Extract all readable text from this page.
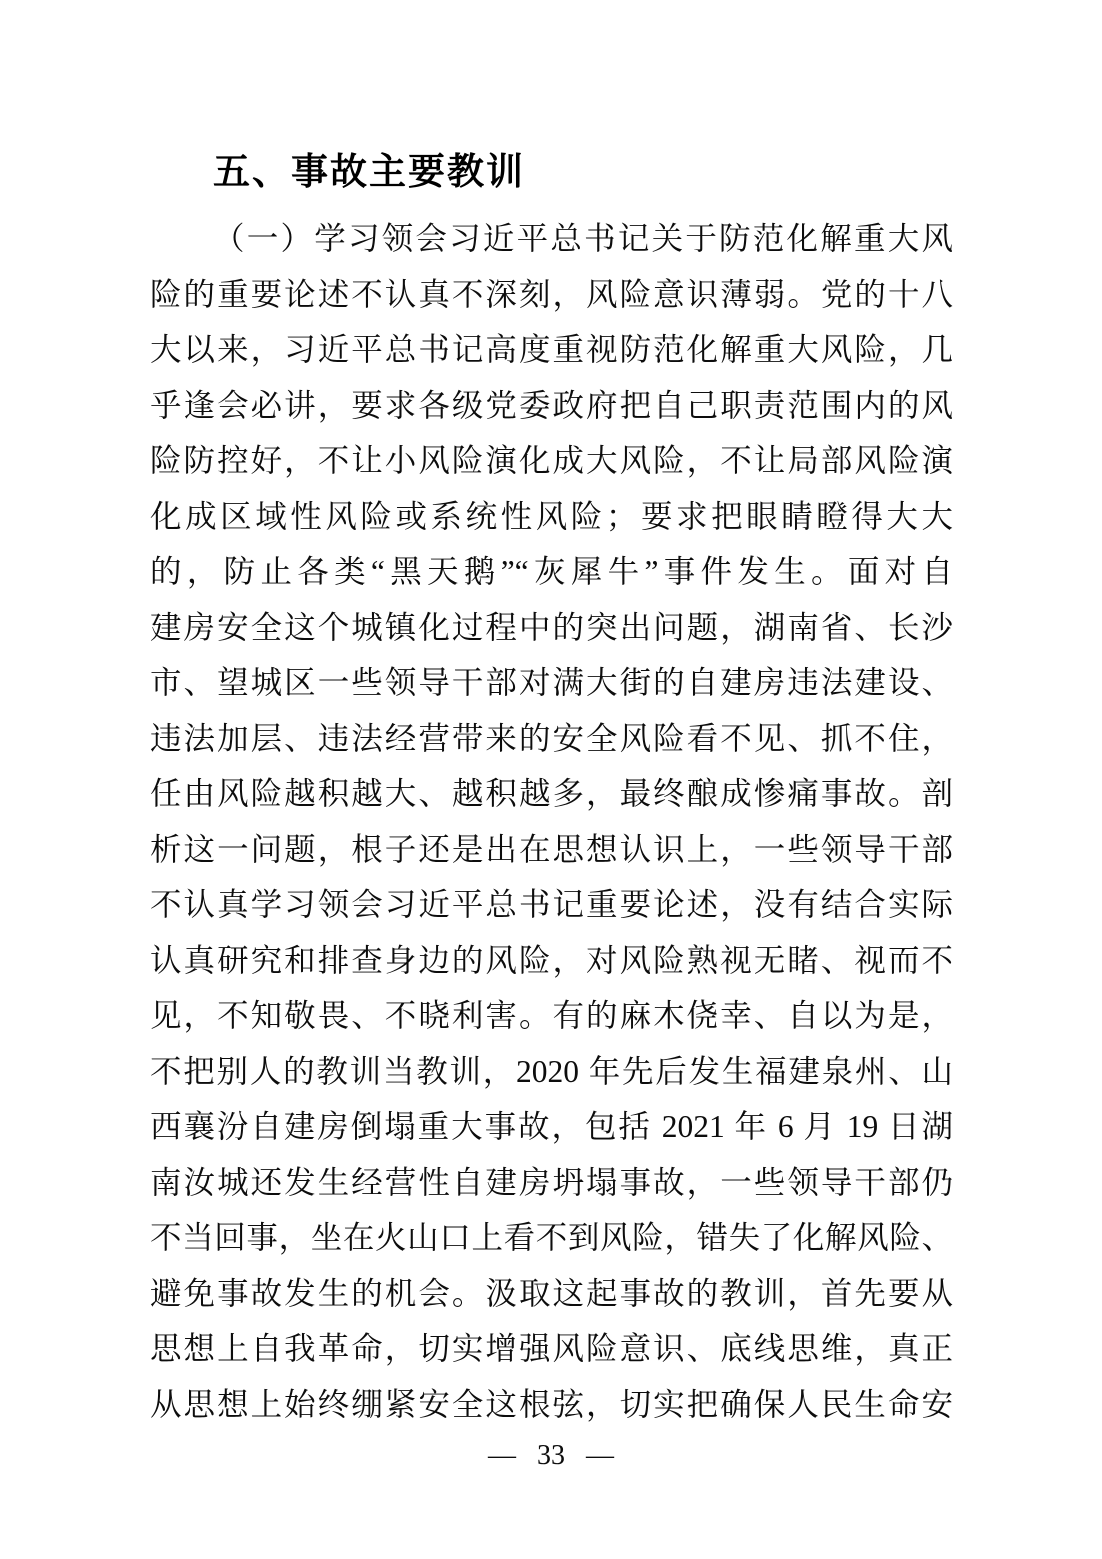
五、事故主要教训
（一）学习领会习近平总书记关于防范化解重大风
险的重要论述不认真不深刻，风险意识薄弱。党的十八
大以来，习近平总书记高度重视防范化解重大风险，几
乎逢会必讲，要求各级党委政府把自己职责范围内的风
险防控好，不让小风险演化成大风险，不让局部风险演
化成区域性风险或系统性风险；要求把眼睛瞪得大大
的，防止各类“黑天鹅”“灰犀牛”事件发生。面对自
建房安全这个城镇化过程中的突出问题，湖南省、长沙
市、望城区一些领导干部对满大街的自建房违法建设、
违法加层、违法经营带来的安全风险看不见、抓不住，
任由风险越积越大、越积越多，最终酿成惨痛事故。剖
析这一问题，根子还是出在思想认识上，一些领导干部
不认真学习领会习近平总书记重要论述，没有结合实际
认真研究和排查身边的风险，对风险熟视无睹、视而不
见，不知敬畏、不晓利害。有的麻木侥幸、自以为是，
不把别人的教训当教训，2020 年先后发生福建泉州、山
西襄汾自建房倒塌重大事故，包括 2021 年 6 月 19 日湖
南汝城还发生经营性自建房坍塌事故，一些领导干部仍
不当回事，坐在火山口上看不到风险，错失了化解风险、
避免事故发生的机会。汲取这起事故的教训，首先要从
思想上自我革命，切实增强风险意识、底线思维，真正
从思想上始终绷紧安全这根弦，切实把确保人民生命安
— 33 —
